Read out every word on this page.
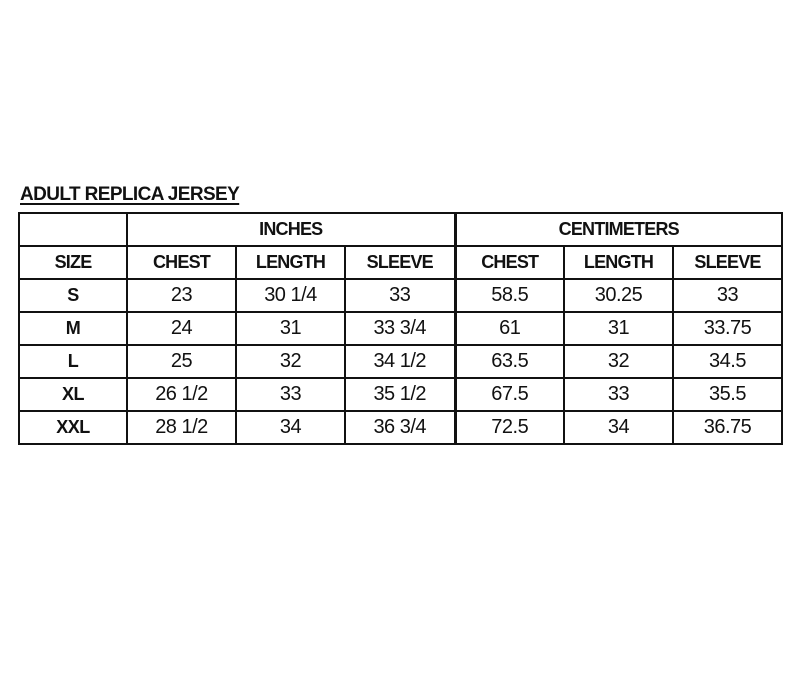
ADULT REPLICA JERSEY
	INCHES			CENTIMETERS		
SIZE	CHEST	LENGTH	SLEEVE	CHEST	LENGTH	SLEEVE
S	23	30 1/4	33	58.5	30.25	33
M	24	31	33 3/4	61	31	33.75
L	25	32	34 1/2	63.5	32	34.5
XL	26 1/2	33	35 1/2	67.5	33	35.5
XXL	28 1/2	34	36 3/4	72.5	34	36.75
